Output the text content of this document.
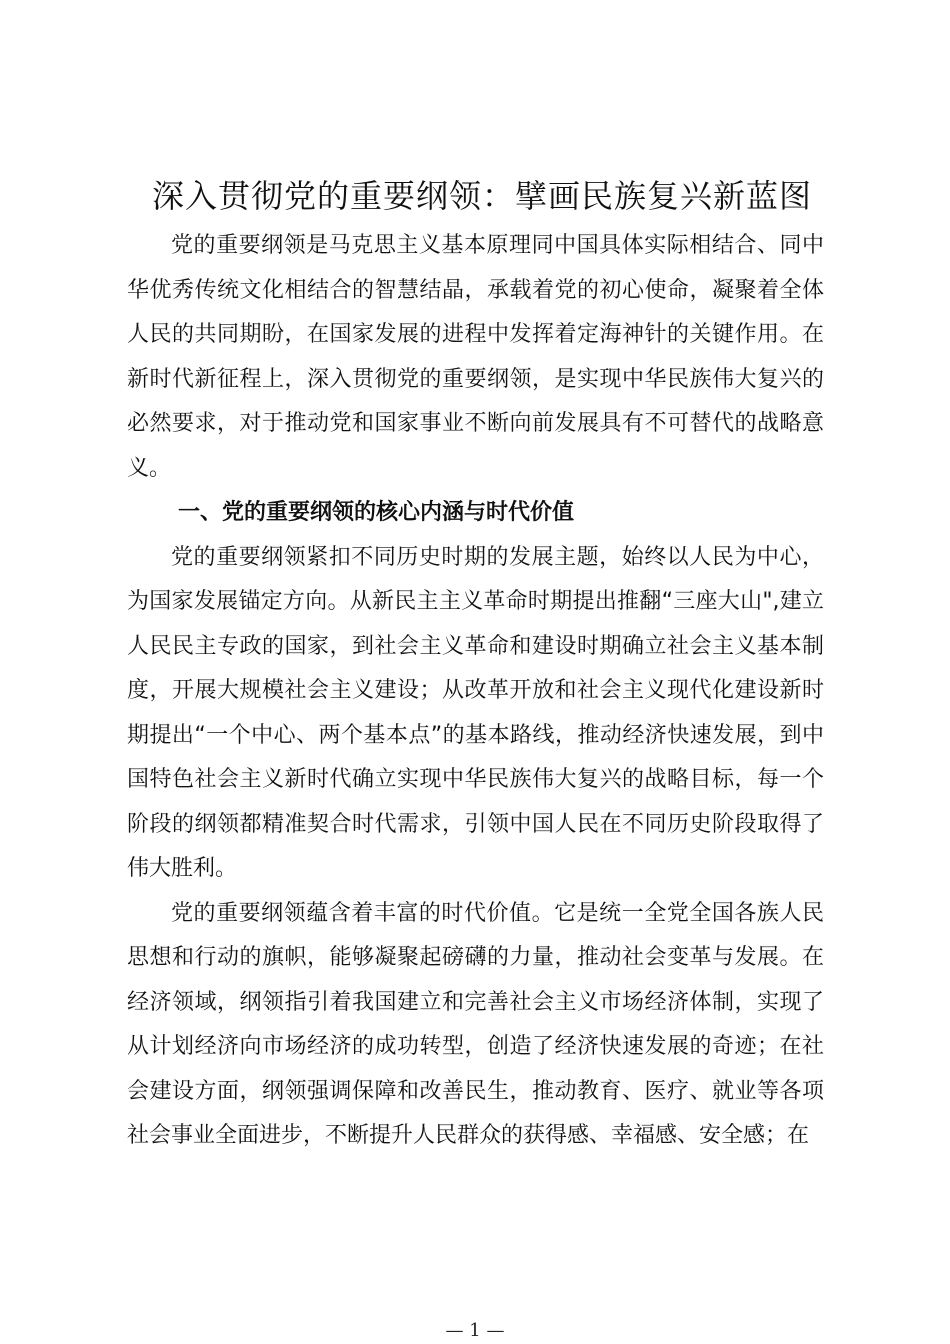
深入贯彻党的重要纲领：擘画民族复兴新蓝图

党的重要纲领是马克思主义基本原理同中国具体实际相结合、同中华优秀传统文化相结合的智慧结晶，承载着党的初心使命，凝聚着全体人民的共同期盼，在国家发展的进程中发挥着定海神针的关键作用。在新时代新征程上，深入贯彻党的重要纲领，是实现中华民族伟大复兴的必然要求，对于推动党和国家事业不断向前发展具有不可替代的战略意义。

一、党的重要纲领的核心内涵与时代价值

党的重要纲领紧扣不同历史时期的发展主题，始终以人民为中心，为国家发展锚定方向。从新民主主义革命时期提出推翻“三座大山",建立人民民主专政的国家，到社会主义革命和建设时期确立社会主义基本制度，开展大规模社会主义建设；从改革开放和社会主义现代化建设新时期提出“一个中心、两个基本点”的基本路线，推动经济快速发展，到中国特色社会主义新时代确立实现中华民族伟大复兴的战略目标，每一个阶段的纲领都精准契合时代需求，引领中国人民在不同历史阶段取得了伟大胜利。

党的重要纲领蕴含着丰富的时代价值。它是统一全党全国各族人民思想和行动的旗帜，能够凝聚起磅礴的力量，推动社会变革与发展。在经济领域，纲领指引着我国建立和完善社会主义市场经济体制，实现了从计划经济向市场经济的成功转型，创造了经济快速发展的奇迹；在社会建设方面，纲领强调保障和改善民生，推动教育、医疗、就业等各项社会事业全面进步，不断提升人民群众的获得感、幸福感、安全感；在

— 1 —
